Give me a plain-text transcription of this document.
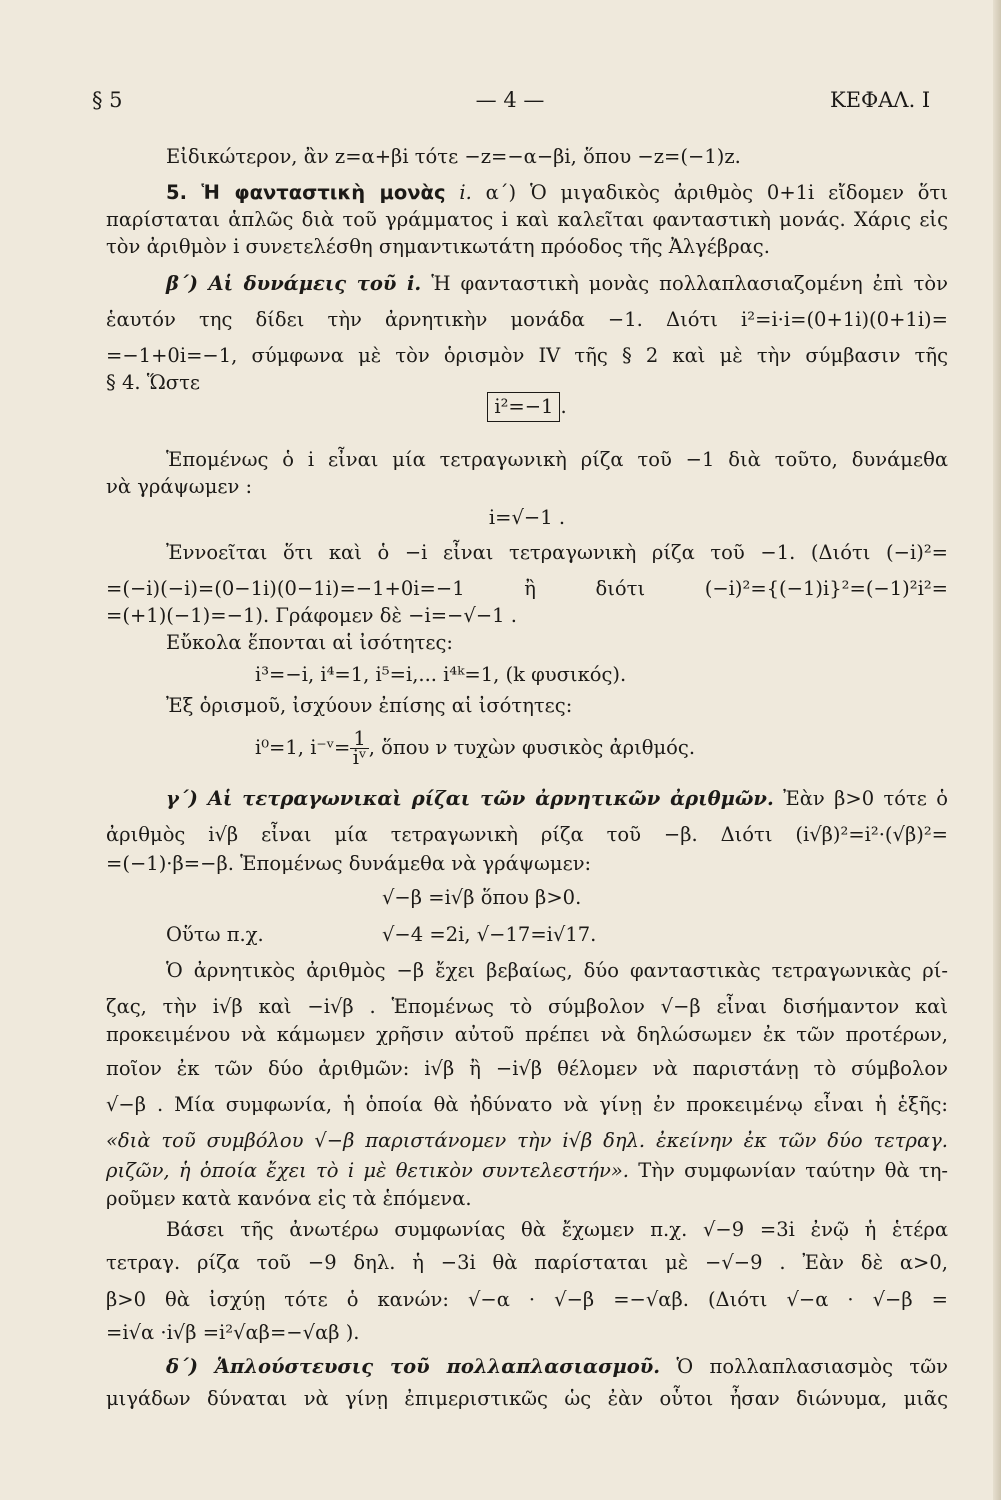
§ 5	— 4 —	ΚΕΦΑΛ. Ι
Εἰδικώτερον, ἂν z=α+βi τότε −z=−α−βi, ὅπου −z=(−1)z.
5. Ἡ φανταστικὴ μονὰς i. α΄) Ὁ μιγαδικὸς ἀριθμὸς 0+1i εἴδομεν ὅτι
παρίσταται ἁπλῶς διὰ τοῦ γράμματος i καὶ καλεῖται φανταστικὴ μονάς. Χάρις εἰς
τὸν ἀριθμὸν i συνετελέσθη σημαντικωτάτη πρόοδος τῆς Ἀλγέβρας.
β΄) Αἱ δυνάμεις τοῦ i. Ἡ φανταστικὴ μονὰς πολλαπλασιαζομένη ἐπὶ τὸν
ἑαυτόν της δίδει τὴν ἀρνητικὴν μονάδα −1. Διότι i²=i·i=(0+1i)(0+1i)=
=−1+0i=−1, σύμφωνα μὲ τὸν ὁρισμὸν IV τῆς § 2 καὶ μὲ τὴν σύμβασιν τῆς
§ 4. Ὥστε
i²=−1 .
Ἑπομένως ὁ i εἶναι μία τετραγωνικὴ ρίζα τοῦ −1 διὰ τοῦτο, δυνάμεθα
νὰ γράψωμεν :
i=√−1 .
Ἐννοεῖται ὅτι καὶ ὁ −i εἶναι τετραγωνικὴ ρίζα τοῦ −1. (Διότι (−i)²=
=(−i)(−i)=(0−1i)(0−1i)=−1+0i=−1 ἢ διότι (−i)²={(−1)i}²=(−1)²i²=
=(+1)(−1)=−1). Γράφομεν δὲ −i=−√−1 .
Εὔκολα ἕπονται αἱ ἰσότητες:
i³=−i, i⁴=1, i⁵=i,... i⁴ᵏ=1, (k φυσικός).
Ἐξ ὁρισμοῦ, ἰσχύουν ἐπίσης αἱ ἰσότητες:
i⁰=1, i⁻ᵛ= $\frac{1}{\text{iᵛ}}$ , ὅπου ν τυχὼν φυσικὸς ἀριθμός.
γ΄) Αἱ τετραγωνικαὶ ρίζαι τῶν ἀρνητικῶν ἀριθμῶν. Ἐὰν β>0 τότε ὁ
ἀριθμὸς i√β εἶναι μία τετραγωνικὴ ρίζα τοῦ −β. Διότι (i√β)²=i²·(√β)²=
=(−1)·β=−β. Ἑπομένως δυνάμεθα νὰ γράψωμεν:
√−β =i√β ὅπου β>0.
Οὕτω π.χ.	√−4 =2i, √−17=i√17.
Ὁ ἀρνητικὸς ἀριθμὸς −β ἔχει βεβαίως, δύο φανταστικὰς τετραγωνικὰς ρί-
ζας, τὴν i√β καὶ −i√β . Ἑπομένως τὸ σύμβολον √−β εἶναι δισήμαντον καὶ
προκειμένου νὰ κάμωμεν χρῆσιν αὐτοῦ πρέπει νὰ δηλώσωμεν ἐκ τῶν προτέρων,
ποῖον ἐκ τῶν δύο ἀριθμῶν: i√β ἢ −i√β θέλομεν νὰ παριστάνῃ τὸ σύμβολον
√−β . Μία συμφωνία, ἡ ὁποία θὰ ἠδύνατο νὰ γίνῃ ἐν προκειμένῳ εἶναι ἡ ἑξῆς:
«διὰ τοῦ συμβόλου √−β παριστάνομεν τὴν i√β δηλ. ἐκείνην ἐκ τῶν δύο τετραγ.
ριζῶν, ἡ ὁποία ἔχει τὸ i μὲ θετικὸν συντελεστήν». Τὴν συμφωνίαν ταύτην θὰ τη-
ροῦμεν κατὰ κανόνα εἰς τὰ ἑπόμενα.
Βάσει τῆς ἀνωτέρω συμφωνίας θὰ ἔχωμεν π.χ. √−9 =3i ἐνῷ ἡ ἑτέρα
τετραγ. ρίζα τοῦ −9 δηλ. ἡ −3i θὰ παρίσταται μὲ −√−9 . Ἐὰν δὲ α>0,
β>0 θὰ ἰσχύῃ τότε ὁ κανών: √−α · √−β =−√αβ. (Διότι √−α · √−β =
=i√α ·i√β =i²√αβ=−√αβ ).
δ΄) Ἁπλούστευσις τοῦ πολλαπλασιασμοῦ. Ὁ πολλαπλασιασμὸς τῶν
μιγάδων δύναται νὰ γίνῃ ἐπιμεριστικῶς ὡς ἐὰν οὗτοι ἦσαν διώνυμα, μιᾶς
